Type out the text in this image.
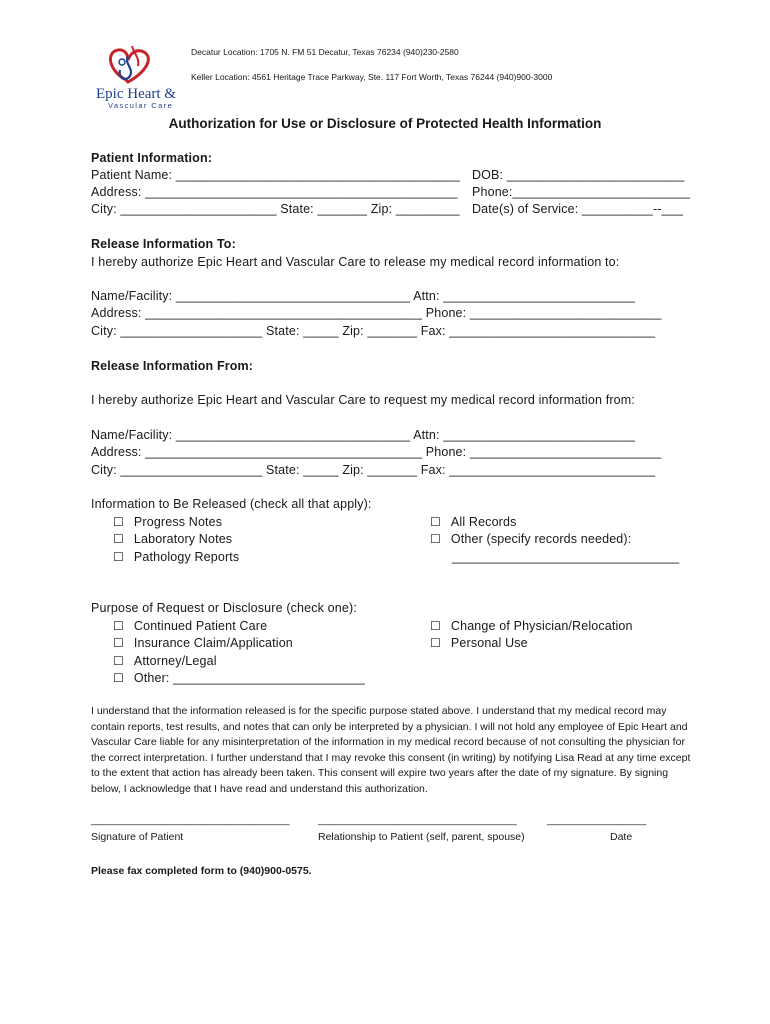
Epic Heart &
Vascular Care
Decatur Location: 1705 N. FM 51 Decatur, Texas 76234 (940)230-2580
Keller Location: 4561 Heritage Trace Parkway, Ste. 117 Fort Worth, Texas 76244 (940)900-3000
Authorization for Use or Disclosure of Protected Health Information
Patient Information:
Patient Name: ________________________________________ DOB: _________________________
Address: ____________________________________________ Phone:_________________________
City: ______________________ State: _______ Zip: _________ Date(s) of Service: __________--___
Release Information To:
I hereby authorize Epic Heart and Vascular Care to release my medical record information to:
Name/Facility: _________________________________ Attn: ___________________________
Address: _______________________________________ Phone: ___________________________
City: ____________________ State: _____ Zip: _______ Fax: _____________________________
Release Information From:
I hereby authorize Epic Heart and Vascular Care to request my medical record information from:
Name/Facility: _________________________________ Attn: ___________________________
Address: _______________________________________ Phone: ___________________________
City: ____________________ State: _____ Zip: _______ Fax: _____________________________
Information to Be Released (check all that apply):
☐ Progress Notes
☐ Laboratory Notes
☐ Pathology Reports
☐ All Records
☐ Other (specify records needed):
________________________________
Purpose of Request or Disclosure (check one):
☐ Continued Patient Care
☐ Insurance Claim/Application
☐ Attorney/Legal
☐ Other: ___________________________
☐ Change of Physician/Relocation
☐ Personal Use
I understand that the information released is for the specific purpose stated above. I understand that my medical record may contain reports, test results, and notes that can only be interpreted by a physician. I will not hold any employee of Epic Heart and Vascular Care liable for any misinterpretation of the information in my medical record because of not consulting the physician for the correct interpretation. I further understand that I may revoke this consent (in writing) by notifying Lisa Read at any time except to the extent that action has already been taken. This consent will expire two years after the date of my signature. By signing below, I acknowledge that I have read and understand this authorization.
__________________________________	__________________________________	_________________
Signature of Patient	Relationship to Patient (self, parent, spouse)	Date
Please fax completed form to (940)900-0575.
